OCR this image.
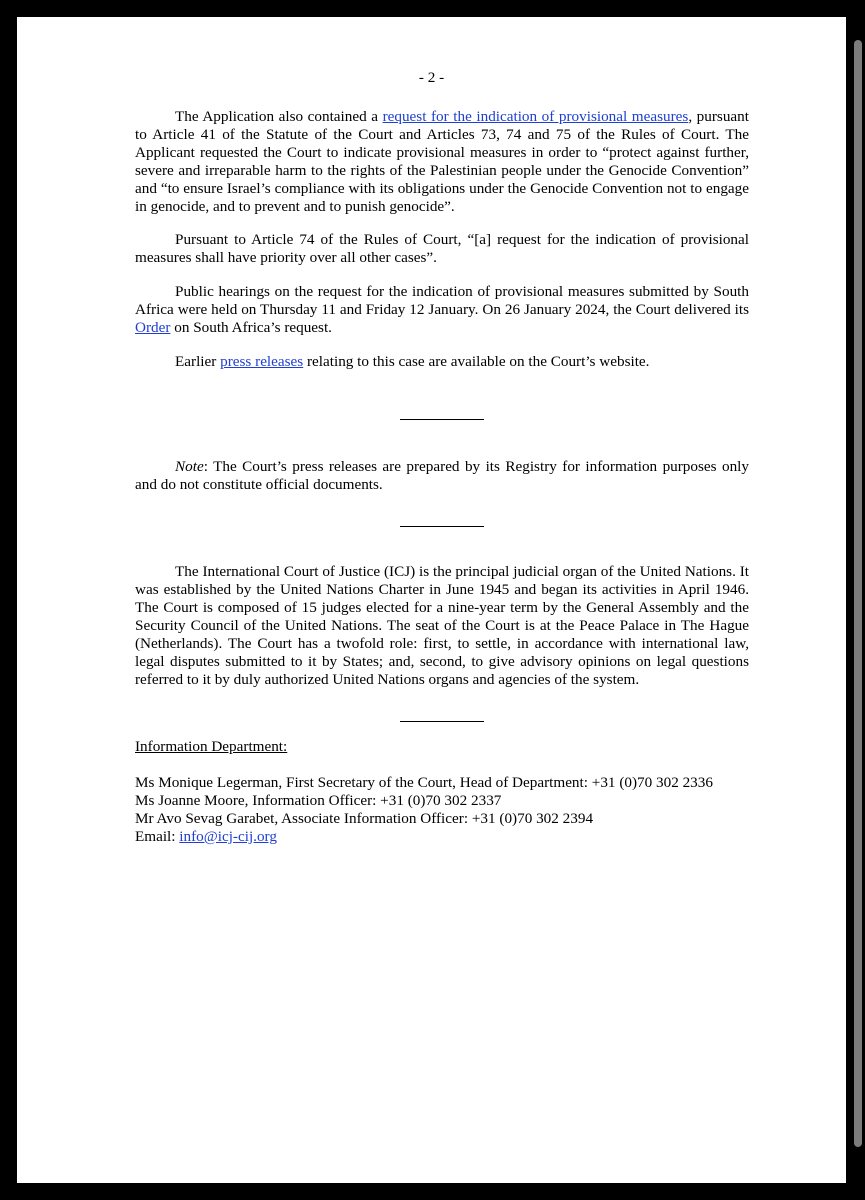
- 2 -

The Application also contained a request for the indication of provisional measures, pursuant to Article 41 of the Statute of the Court and Articles 73, 74 and 75 of the Rules of Court. The Applicant requested the Court to indicate provisional measures in order to “protect against further, severe and irreparable harm to the rights of the Palestinian people under the Genocide Convention” and “to ensure Israel’s compliance with its obligations under the Genocide Convention not to engage in genocide, and to prevent and to punish genocide”.

Pursuant to Article 74 of the Rules of Court, “[a] request for the indication of provisional measures shall have priority over all other cases”.

Public hearings on the request for the indication of provisional measures submitted by South Africa were held on Thursday 11 and Friday 12 January. On 26 January 2024, the Court delivered its Order on South Africa’s request.

Earlier press releases relating to this case are available on the Court’s website.

Note: The Court’s press releases are prepared by its Registry for information purposes only and do not constitute official documents.

The International Court of Justice (ICJ) is the principal judicial organ of the United Nations. It was established by the United Nations Charter in June 1945 and began its activities in April 1946. The Court is composed of 15 judges elected for a nine-year term by the General Assembly and the Security Council of the United Nations. The seat of the Court is at the Peace Palace in The Hague (Netherlands). The Court has a twofold role: first, to settle, in accordance with international law, legal disputes submitted to it by States; and, second, to give advisory opinions on legal questions referred to it by duly authorized United Nations organs and agencies of the system.

Information Department:
Ms Monique Legerman, First Secretary of the Court, Head of Department: +31 (0)70 302 2336
Ms Joanne Moore, Information Officer: +31 (0)70 302 2337
Mr Avo Sevag Garabet, Associate Information Officer: +31 (0)70 302 2394
Email: info@icj-cij.org
